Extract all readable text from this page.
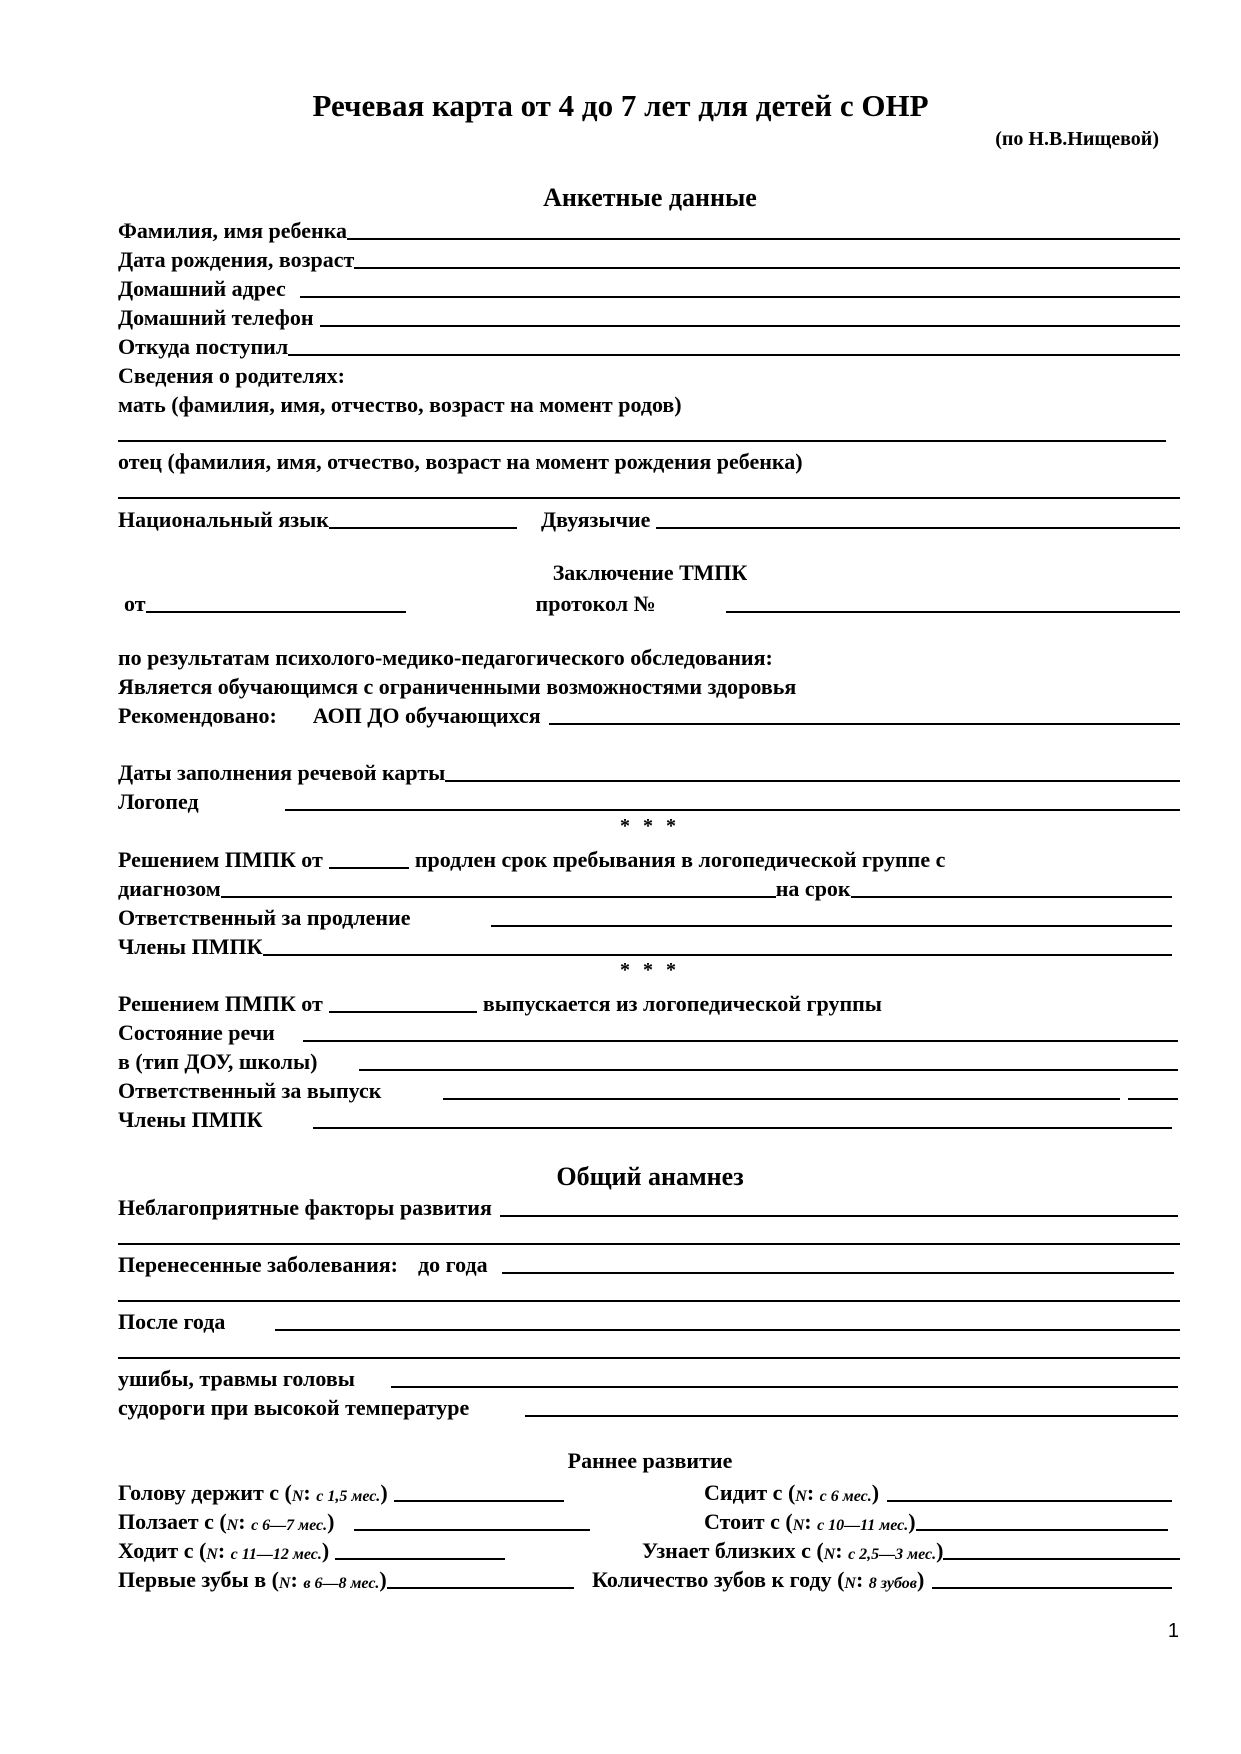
Речевая карта от 4 до 7 лет для детей с ОНР
(по Н.В.Нищевой)
Анкетные данные
Фамилия, имя ребенка
Дата рождения, возраст
Домашний адрес
Домашний телефон
Откуда поступил
Сведения о родителях:
мать (фамилия, имя, отчество, возраст на момент родов)
отец (фамилия, имя, отчество, возраст на момент рождения ребенка)
Национальный язык	Двуязычие
Заключение ТМПК
от	протокол №
по результатам психолого-медико-педагогического обследования:
Является обучающимся с ограниченными возможностями здоровья
Рекомендовано: АОП ДО обучающихся
Даты заполнения речевой карты
Логопед
* * *
Решением ПМПК от	продлен срок пребывания в логопедической группе с
диагнозом	на срок
Ответственный за продление
Члены ПМПК
* * *
Решением ПМПК от	выпускается из логопедической группы
Состояние речи
в (тип ДОУ, школы)
Ответственный за выпуск
Члены ПМПК
Общий анамнез
Неблагоприятные факторы развития
Перенесенные заболевания: до года
После года
ушибы, травмы головы
судороги при высокой температуре
Раннее развитие
Голову держит с ( N : с 1,5 мес. )	Сидит с ( N : с 6 мес. )
Ползает с ( N : с 6—7 мес. )	Стоит с ( N : с 10—11 мес. )
Ходит с ( N : с 11—12 мес. )	Узнает близких с ( N : с 2,5—3 мес. )
Первые зубы в ( N : в 6—8 мес. )	Количество зубов к году ( N : 8 зубов )
1
